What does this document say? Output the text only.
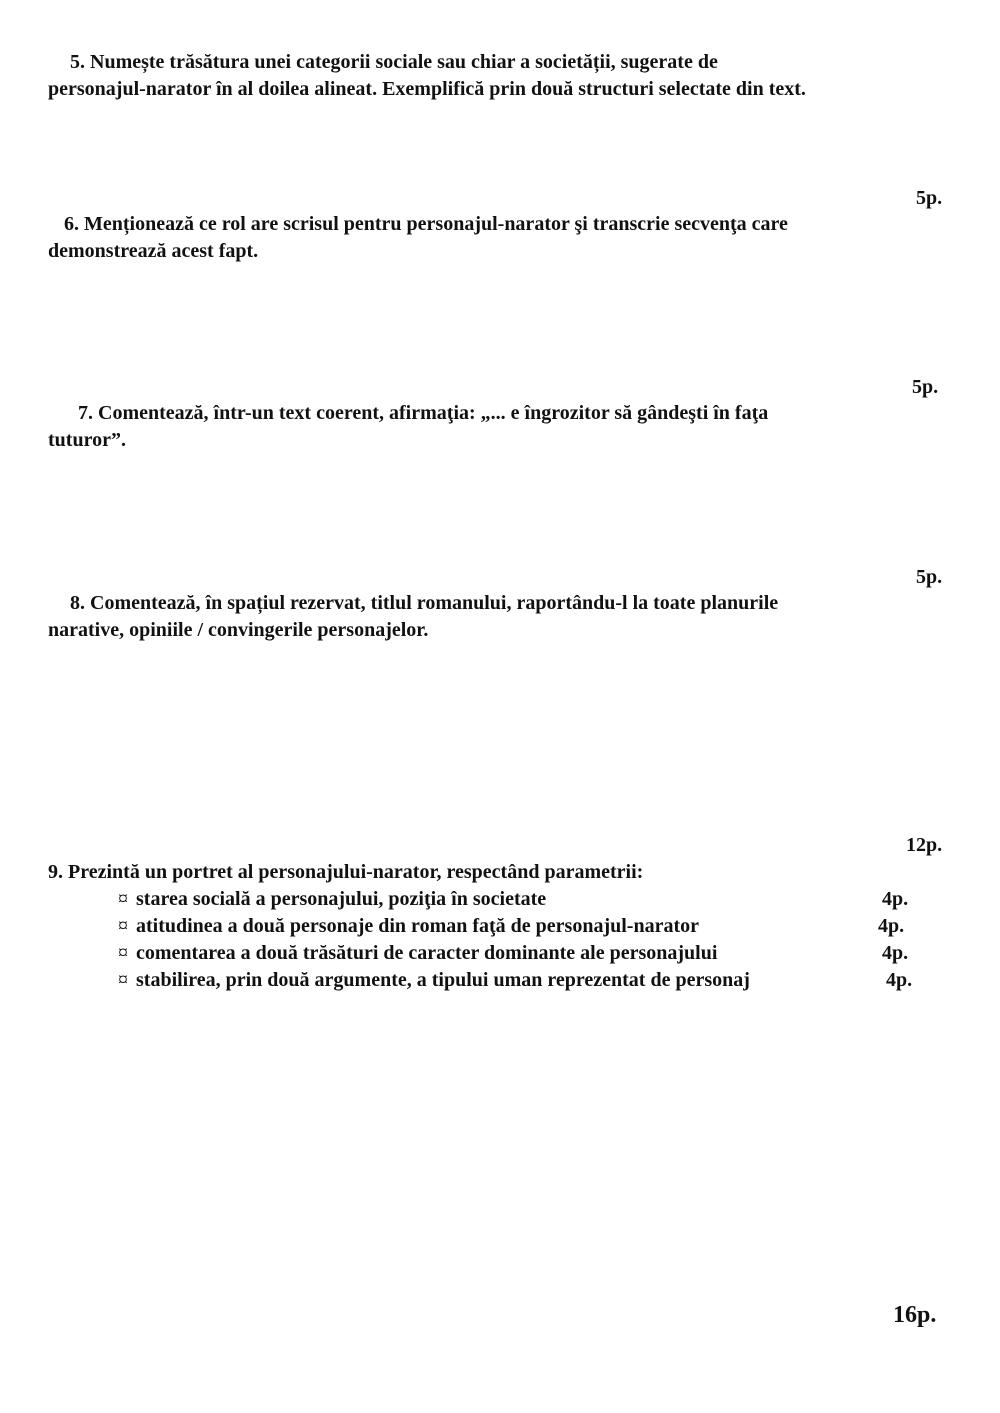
5. Numește trăsătura unei categorii sociale sau chiar a societății, sugerate de
personajul-narator în al doilea alineat. Exemplifică prin două structuri selectate din text.
5p.
6. Menționează ce rol are scrisul pentru personajul-narator şi transcrie secvenţa care
demonstrează acest fapt.
5p.
7. Comentează, într-un text coerent, afirmaţia: „... e îngrozitor să gândeşti în faţa
tuturor”.
5p.
8. Comentează, în spațiul rezervat, titlul romanului, raportându-l la toate planurile
narative, opiniile / convingerile personajelor.
12p.
9. Prezintă un portret al personajului-narator, respectând parametrii:
¤ starea socială a personajului, poziţia în societate	4p.
¤ atitudinea a două personaje din roman faţă de personajul-narator	4p.
¤ comentarea a două trăsături de caracter dominante ale personajului	4p.
¤ stabilirea, prin două argumente, a tipului uman reprezentat de personaj	4p.
16p.
